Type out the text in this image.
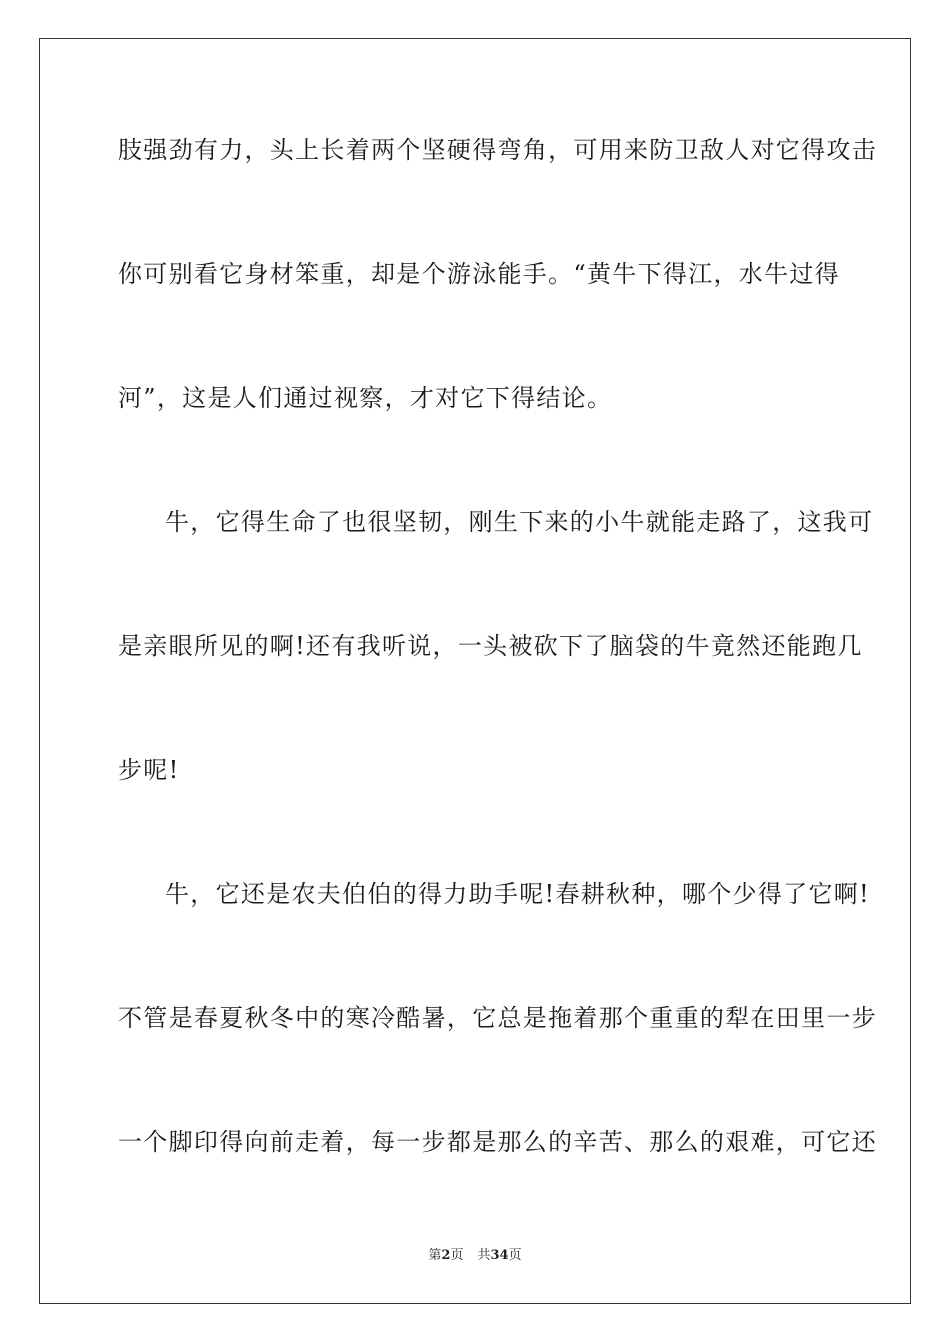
肢强劲有力，头上长着两个坚硬得弯角，可用来防卫敌人对它得攻击
你可别看它身材笨重，却是个游泳能手。“黄牛下得江，水牛过得
河”，这是人们通过视察，才对它下得结论。
牛，它得生命了也很坚韧，刚生下来的小牛就能走路了，这我可
是亲眼所见的啊!还有我听说，一头被砍下了脑袋的牛竟然还能跑几
步呢!
牛，它还是农夫伯伯的得力助手呢!春耕秋种，哪个少得了它啊!
不管是春夏秋冬中的寒冷酷暑，它总是拖着那个重重的犁在田里一步
一个脚印得向前走着，每一步都是那么的辛苦、那么的艰难，可它还
第2页 共34页
